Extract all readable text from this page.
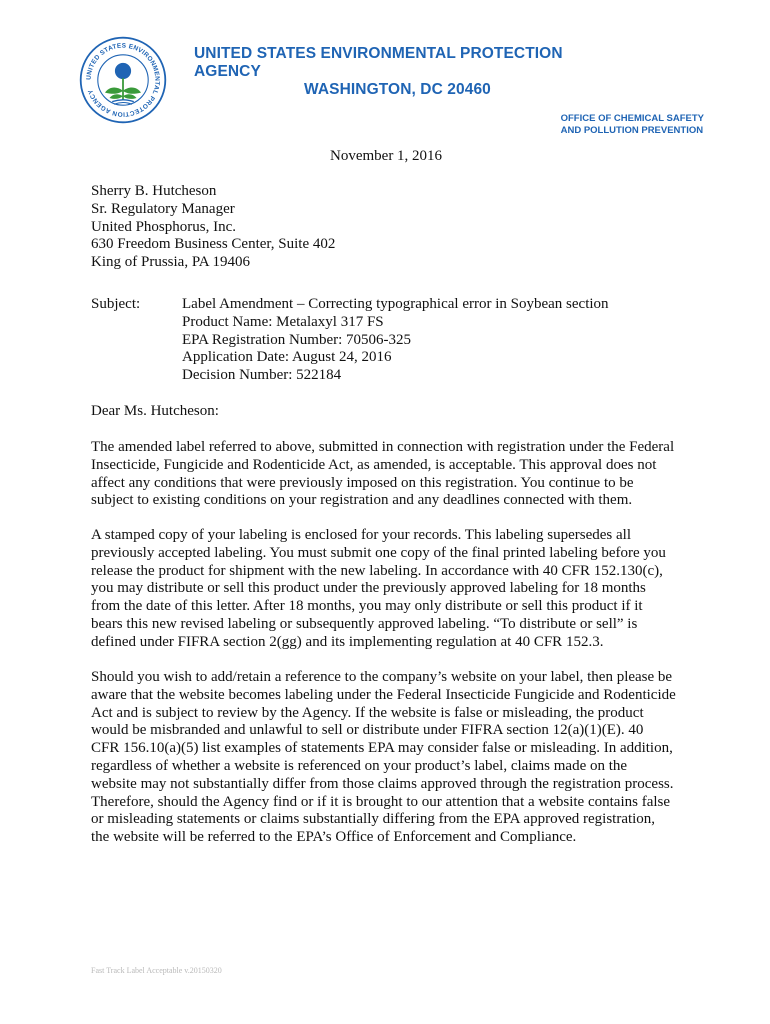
UNITED STATES ENVIRONMENTAL PROTECTION AGENCY
UNITED STATES ENVIRONMENTAL PROTECTION AGENCY
WASHINGTON, DC 20460
OFFICE OF CHEMICAL SAFETY
AND POLLUTION PREVENTION
November 1, 2016
Sherry B. Hutcheson
Sr. Regulatory Manager
United Phosphorus, Inc.
630 Freedom Business Center, Suite 402
King of Prussia, PA 19406
Subject:	Label Amendment – Correcting typographical error in Soybean section
Product Name: Metalaxyl 317 FS
EPA Registration Number: 70506-325
Application Date: August 24, 2016
Decision Number: 522184
Dear Ms. Hutcheson:
The amended label referred to above, submitted in connection with registration under the Federal
Insecticide, Fungicide and Rodenticide Act, as amended, is acceptable. This approval does not
affect any conditions that were previously imposed on this registration. You continue to be
subject to existing conditions on your registration and any deadlines connected with them.
A stamped copy of your labeling is enclosed for your records. This labeling supersedes all
previously accepted labeling. You must submit one copy of the final printed labeling before you
release the product for shipment with the new labeling. In accordance with 40 CFR 152.130(c),
you may distribute or sell this product under the previously approved labeling for 18 months
from the date of this letter. After 18 months, you may only distribute or sell this product if it
bears this new revised labeling or subsequently approved labeling. “To distribute or sell” is
defined under FIFRA section 2(gg) and its implementing regulation at 40 CFR 152.3.
Should you wish to add/retain a reference to the company’s website on your label, then please be
aware that the website becomes labeling under the Federal Insecticide Fungicide and Rodenticide
Act and is subject to review by the Agency. If the website is false or misleading, the product
would be misbranded and unlawful to sell or distribute under FIFRA section 12(a)(1)(E). 40
CFR 156.10(a)(5) list examples of statements EPA may consider false or misleading. In addition,
regardless of whether a website is referenced on your product’s label, claims made on the
website may not substantially differ from those claims approved through the registration process.
Therefore, should the Agency find or if it is brought to our attention that a website contains false
or misleading statements or claims substantially differing from the EPA approved registration,
the website will be referred to the EPA’s Office of Enforcement and Compliance.
Fast Track Label Acceptable v.20150320
